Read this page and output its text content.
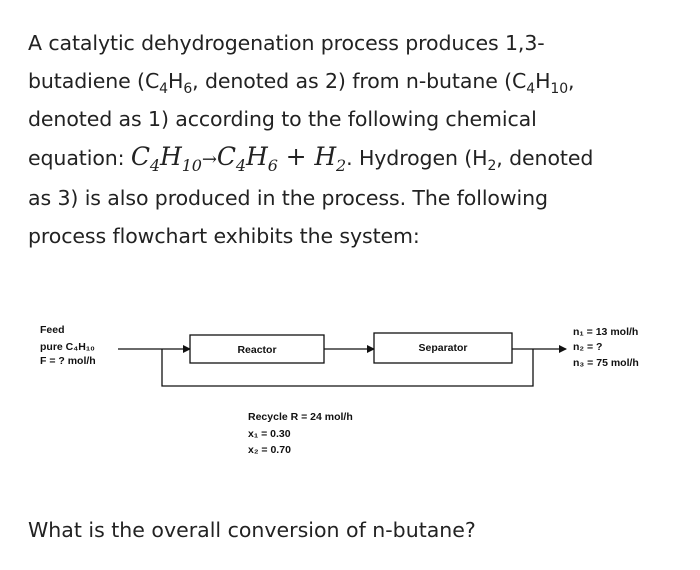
A catalytic dehydrogenation process produces 1,3-
butadiene ($C_4H_6$, denoted as 2) from n-butane ($C_4H_{10}$,
denoted as 1) according to the following chemical
equation: $C_4H_{10}\to C_4H_6 + H_2$. Hydrogen ($H_2$, denoted
as 3) is also produced in the process. The following
process flowchart exhibits the system:
Feed
pure C₄H₁₀
F = ? mol/h
Reactor	Separator
n₁ = 13 mol/h
n₂ = ?
n₃ = 75 mol/h
Recycle R = 24 mol/h
x₁ = 0.30
x₂ = 0.70
What is the overall conversion of n-butane?
